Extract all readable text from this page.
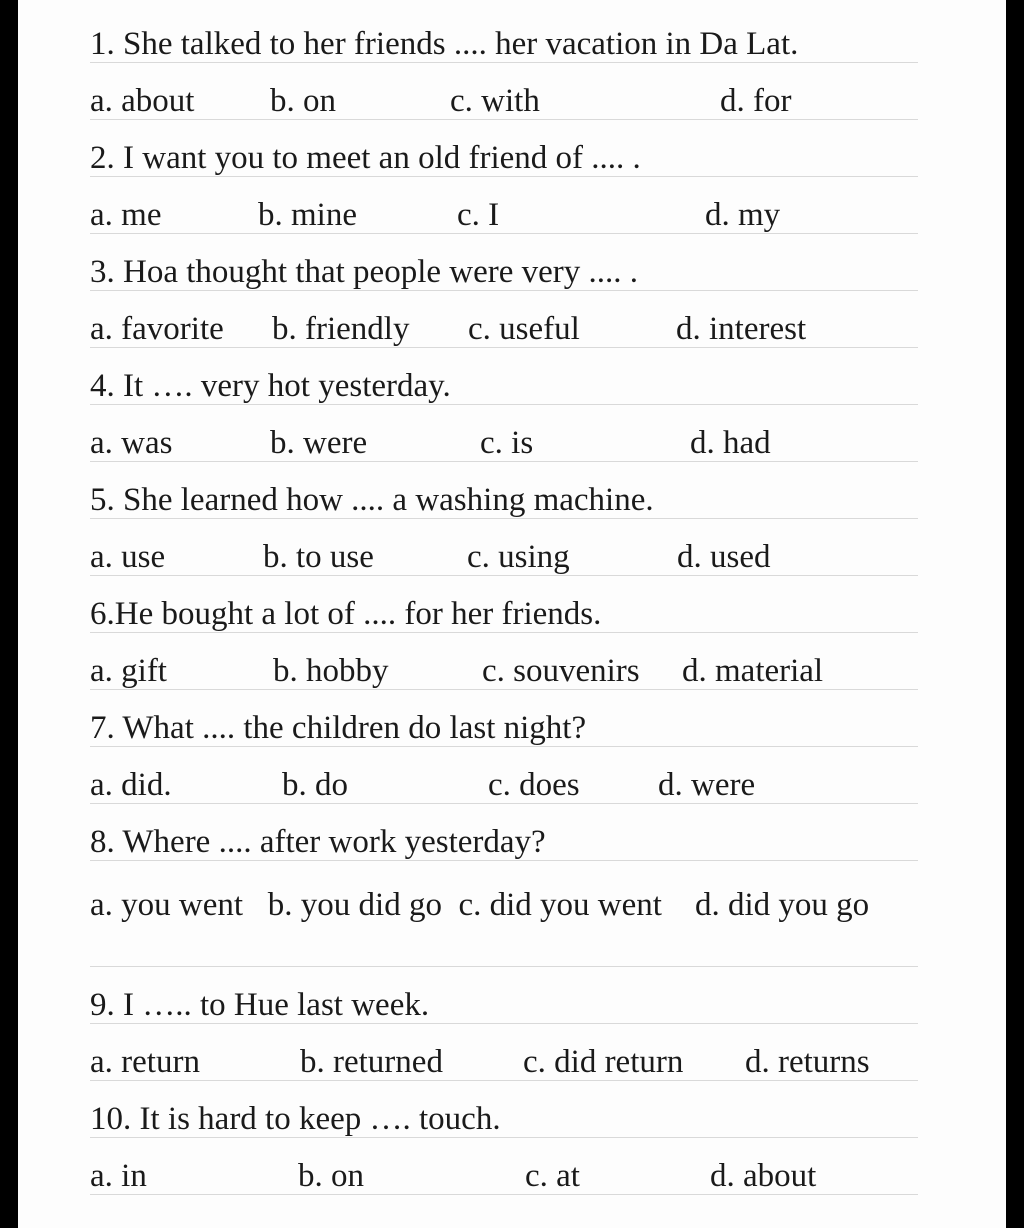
1. She talked to her friends .... her vacation in Da Lat.
a. about b. on	c. with	d. for
2. I want you to meet an old friend of .... .
a. me	b. mine	c. I	d. my
3. Hoa thought that people were very .... .
a. favorite b. friendly c. useful	d. interest
4. It …. very hot yesterday.
a. was	b. were	c. is	d. had
5. She learned how .... a washing machine.
a. use	b. to use	c. using	d. used
6.He bought a lot of .... for her friends.
a. gift	b. hobby	c. souvenirs d. material
7. What .... the children do last night?
a. did.	b. do	c. does d. were
8. Where .... after work yesterday?
a. you went b. you did go c. did you went d. did you go
9. I ….. to Hue last week.
a. return	b. returned c. did return d. returns
10. It is hard to keep …. touch.
a. in	b. on	c. at	d. about
